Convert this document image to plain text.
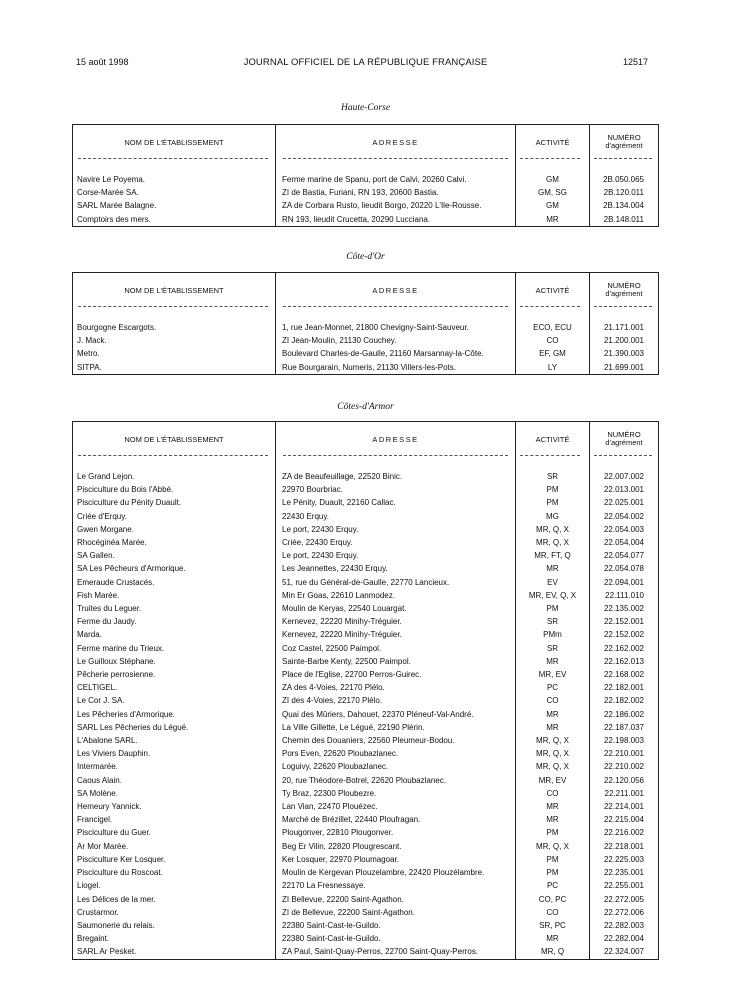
15 août 1998	JOURNAL OFFICIEL DE LA RÉPUBLIQUE FRANÇAISE	12517
Haute-Corse
NOM DE L'ÉTABLISSEMENT	ADRESSE	ACTIVITÉ	NUMÉRO
d'agrément

Navire Le Poyema.	Ferme marine de Spanu, port de Calvi, 20260 Calvi.	GM	2B.050.065
Corse-Marée SA.	ZI de Bastia, Furiani, RN 193, 20600 Bastia.	GM, SG	2B.120.011
SARL Marée Balagne.	ZA de Corbara Rusto, lieudit Borgo, 20220 L'Ile-Rousse.	GM	2B.134.004
Comptoirs des mers.	RN 193, lieudit Crucetta, 20290 Lucciana.	MR	2B.148.011
Côte-d'Or
NOM DE L'ÉTABLISSEMENT	ADRESSE	ACTIVITÉ	NUMÉRO
d'agrément

Bourgogne Escargots.	1, rue Jean-Monnet, 21800 Chevigny-Saint-Sauveur.	ECO, ECU	21.171.001
J. Mack.	ZI Jean-Moulin, 21130 Couchey.	CO	21.200.001
Metro.	Boulevard Charles-de-Gaulle, 21160 Marsannay-la-Côte.	EF, GM	21.390.003
SITPA.	Rue Bourgarain, Numeris, 21130 Villers-les-Pots.	LY	21.699.001
Côtes-d'Armor
NOM DE L'ÉTABLISSEMENT	ADRESSE	ACTIVITÉ	NUMÉRO
d'agrément

Le Grand Lejon.	ZA de Beaufeuillage, 22520 Binic.	SR	22.007.002
Pisciculture du Bois l'Abbé.	22970 Bourbriac.	PM	22.013.001
Pisciculture du Pénity Duault.	Le Pénity, Duault, 22160 Callac.	PM	22.025.001
Criée d'Erquy.	22430 Erquy.	MG	22.054.002
Gwen Morgane.	Le port, 22430 Erquy.	MR, Q, X	22.054.003
Rhocéginéa Marée.	Criée, 22430 Erquy.	MR, Q, X	22.054.004
SA Gallen.	Le port, 22430 Erquy.	MR, FT, Q	22.054.077
SA Les Pêcheurs d'Armorique.	Les Jeannettes, 22430 Erquy.	MR	22.054.078
Emeraude Crustacés.	51, rue du Général-de-Gaulle, 22770 Lancieux.	EV	22.094.001
Fish Marée.	Min Er Goas, 22610 Lanmodez.	MR, EV, Q, X	22.111.010
Truites du Leguer.	Moulin de Keryas, 22540 Louargat.	PM	22.135.002
Ferme du Jaudy.	Kernevez, 22220 Minihy-Tréguier.	SR	22.152.001
Marda.	Kernevez, 22220 Minihy-Tréguier.	PMm	22.152.002
Ferme marine du Trieux.	Coz Castel, 22500 Paimpol.	SR	22.162.002
Le Guilloux Stéphane.	Sainte-Barbe Kenty, 22500 Paimpol.	MR	22.162.013
Pêcherie perrosienne.	Place de l'Eglise, 22700 Perros-Guirec.	MR, EV	22.168.002
CELTIGEL.	ZA des 4-Voies, 22170 Plélo.	PC	22.182.001
Le Cor J. SA.	ZI des 4-Voies, 22170 Plélo.	CO	22.182.002
Les Pêcheries d'Armorique.	Quai des Mûriers, Dahouet, 22370 Pléneuf-Val-André.	MR	22.186.002
SARL Les Pêcheries du Légué.	La Ville Gillette, Le Légué, 22190 Plérin.	MR	22.187.037
L'Abalone SARL.	Chemin des Douaniers, 22560 Pleumeur-Bodou.	MR, Q, X	22.198.003
Les Viviers Dauphin.	Pors Even, 22620 Ploubazlanec.	MR, Q, X	22.210.001
Intermarée.	Loguivy, 22620 Ploubazlanec.	MR, Q, X	22.210.002
Caous Alain.	20, rue Théodore-Botrel, 22620 Ploubazlanec.	MR, EV	22.120.056
SA Molène.	Ty Braz, 22300 Ploubezre.	CO	22.211.001
Hemeury Yannick.	Lan Vian, 22470 Plouézec.	MR	22.214.001
Francigel.	Marché de Brézillet, 22440 Ploufragan.	MR	22.215.004
Pisciculture du Guer.	Plougonver, 22810 Plougonver.	PM	22.216.002
Ar Mor Marée.	Beg Er Vilin, 22820 Plougrescant.	MR, Q, X	22.218.001
Pisciculture Ker Losquer.	Ker Losquer, 22970 Ploumagoar.	PM	22.225.003
Pisciculture du Roscoat.	Moulin de Kergevan Plouzelambre, 22420 Plouzélambre.	PM	22.235.001
Liogel.	22170 La Fresnessaye.	PC	22.255.001
Les Délices de la mer.	ZI Bellevue, 22200 Saint-Agathon.	CO, PC	22.272.005
Crustarmor.	ZI de Bellevue, 22200 Saint-Agathon.	CO	22.272.006
Saumonerie du relais.	22380 Saint-Cast-le-Guildo.	SR, PC	22.282.003
Bregaint.	22380 Saint-Cast-le-Guildo.	MR	22.282.004
SARL Ar Pesket.	ZA Paul, Saint-Quay-Perros, 22700 Saint-Quay-Perros.	MR, Q	22.324.007
